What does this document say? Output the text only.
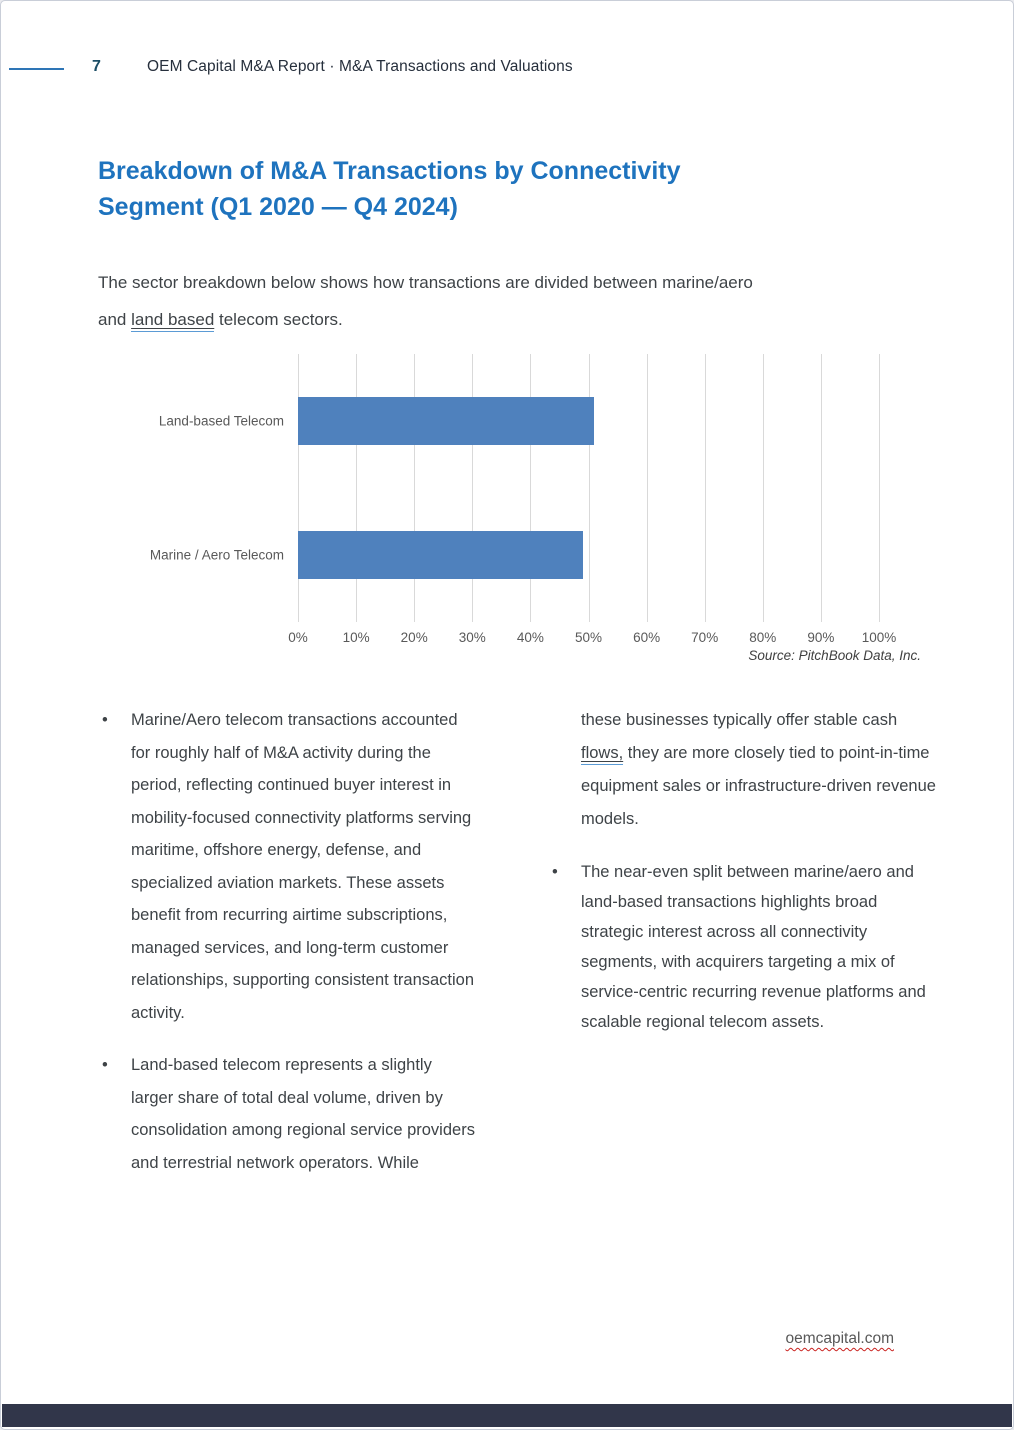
7	OEM Capital M&A Report · M&A Transactions and Valuations
Breakdown of M&A Transactions by Connectivity Segment (Q1 2020 — Q4 2024)
The sector breakdown below shows how transactions are divided between marine/aero
and land based telecom sectors.
Land-based Telecom
Marine / Aero Telecom
0%	10% 20% 30% 40% 50% 60% 70% 80% 90% 100%
Source: PitchBook Data, Inc.
• Marine/Aero telecom transactions accounted for roughly half of M&A activity during the period, reflecting continued buyer interest in mobility-focused connectivity platforms serving maritime, offshore energy, defense, and specialized aviation markets. These assets benefit from recurring airtime subscriptions, managed services, and long-term customer relationships, supporting consistent transaction activity.
• Land-based telecom represents a slightly larger share of total deal volume, driven by consolidation among regional service providers and terrestrial network operators. While
these businesses typically offer stable cash flows, they are more closely tied to point-in-time equipment sales or infrastructure-driven revenue models.
• The near-even split between marine/aero and land-based transactions highlights broad strategic interest across all connectivity segments, with acquirers targeting a mix of service-centric recurring revenue platforms and scalable regional telecom assets.
oemcapital.com
